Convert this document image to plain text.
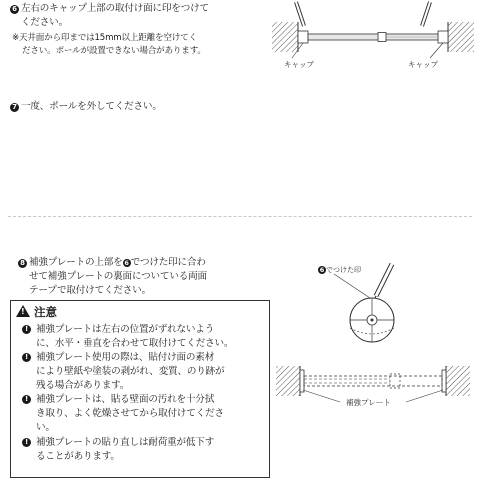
6 左右のキャップ上部の取付け面に印をつけて
ください。
※天井面から印までは15mm以上距離を空けてく
ださい。ポールが設置できない場合があります。
キャップ	キャップ
7 一度、ポールを外してください。
8 補強プレートの上部を 6 でつけた印に合わ
せて補強プレートの裏面についている両面
テープで取付けてください。
!注意
! 補強プレートは左右の位置がずれないよう
に、水平・垂直を合わせて取付けてください。
! 補強プレート使用の際は、貼付け面の素材
により壁紙や塗装の剥がれ、変質、のり跡が
残る場合があります。
! 補強プレートは、貼る壁面の汚れを十分拭
き取り、よく乾燥させてから取付けてくださ
い。
! 補強プレートの貼り直しは耐荷重が低下す
ることがあります。
6 でつけた印
補強プレート
